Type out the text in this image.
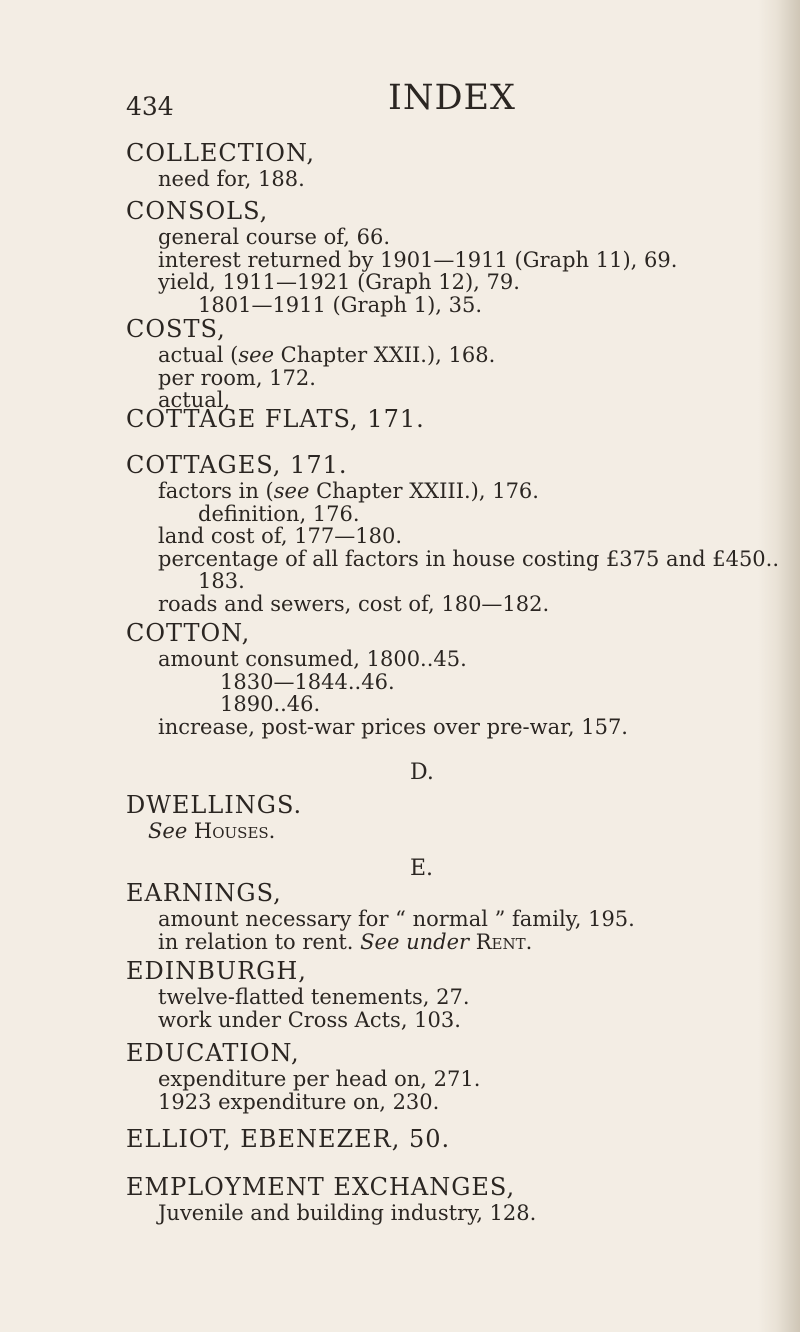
434	INDEX
COLLECTION,
need for, 188.
CONSOLS,
general course of, 66.
interest returned by 1901—1911 (Graph 11), 69.
yield, 1911—1921 (Graph 12), 79.
1801—1911 (Graph 1), 35.
COSTS,
actual (see Chapter XXII.), 168.
per room, 172.
actual,
COTTAGE FLATS, 171.
COTTAGES, 171.
factors in (see Chapter XXIII.), 176.
definition, 176.
land cost of, 177—180.
percentage of all factors in house costing £375 and £450..
183.
roads and sewers, cost of, 180—182.
COTTON,
amount consumed, 1800..45.
1830—1844..46.
1890..46.
increase, post-war prices over pre-war, 157.
D.
DWELLINGS.
See Houses.
E.
EARNINGS,
amount necessary for “ normal ” family, 195.
in relation to rent. See under Rent.
EDINBURGH,
twelve-flatted tenements, 27.
work under Cross Acts, 103.
EDUCATION,
expenditure per head on, 271.
1923 expenditure on, 230.
ELLIOT, EBENEZER, 50.
EMPLOYMENT EXCHANGES,
Juvenile and building industry, 128.
